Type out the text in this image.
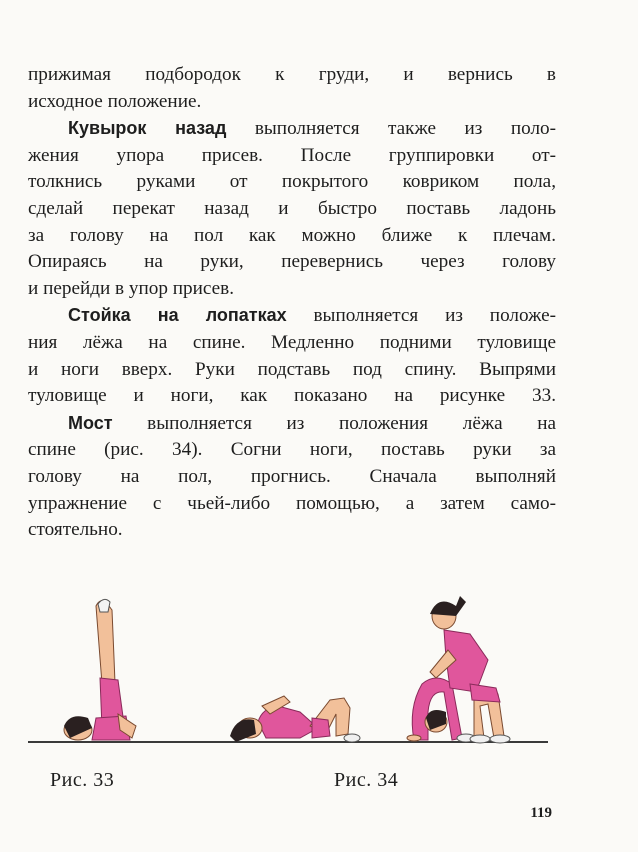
прижимая подбородок к груди, и вернись в
исходное положение.
Кувырок назад выполняется также из поло-
жения упора присев. После группировки от-
толкнись руками от покрытого ковриком пола,
сделай перекат назад и быстро поставь ладонь
за голову на пол как можно ближе к плечам.
Опираясь на руки, перевернись через голову
и перейди в упор присев.
Стойка на лопатках выполняется из положе-
ния лёжа на спине. Медленно подними туловище
и ноги вверх. Руки подставь под спину. Выпрями
туловище и ноги, как показано на рисунке 33.
Мост выполняется из положения лёжа на
спине (рис. 34). Согни ноги, поставь руки за
голову на пол, прогнись. Сначала выполняй
упражнение с чьей-либо помощью, а затем само-
стоятельно.
Рис. 33	Рис. 34
119
